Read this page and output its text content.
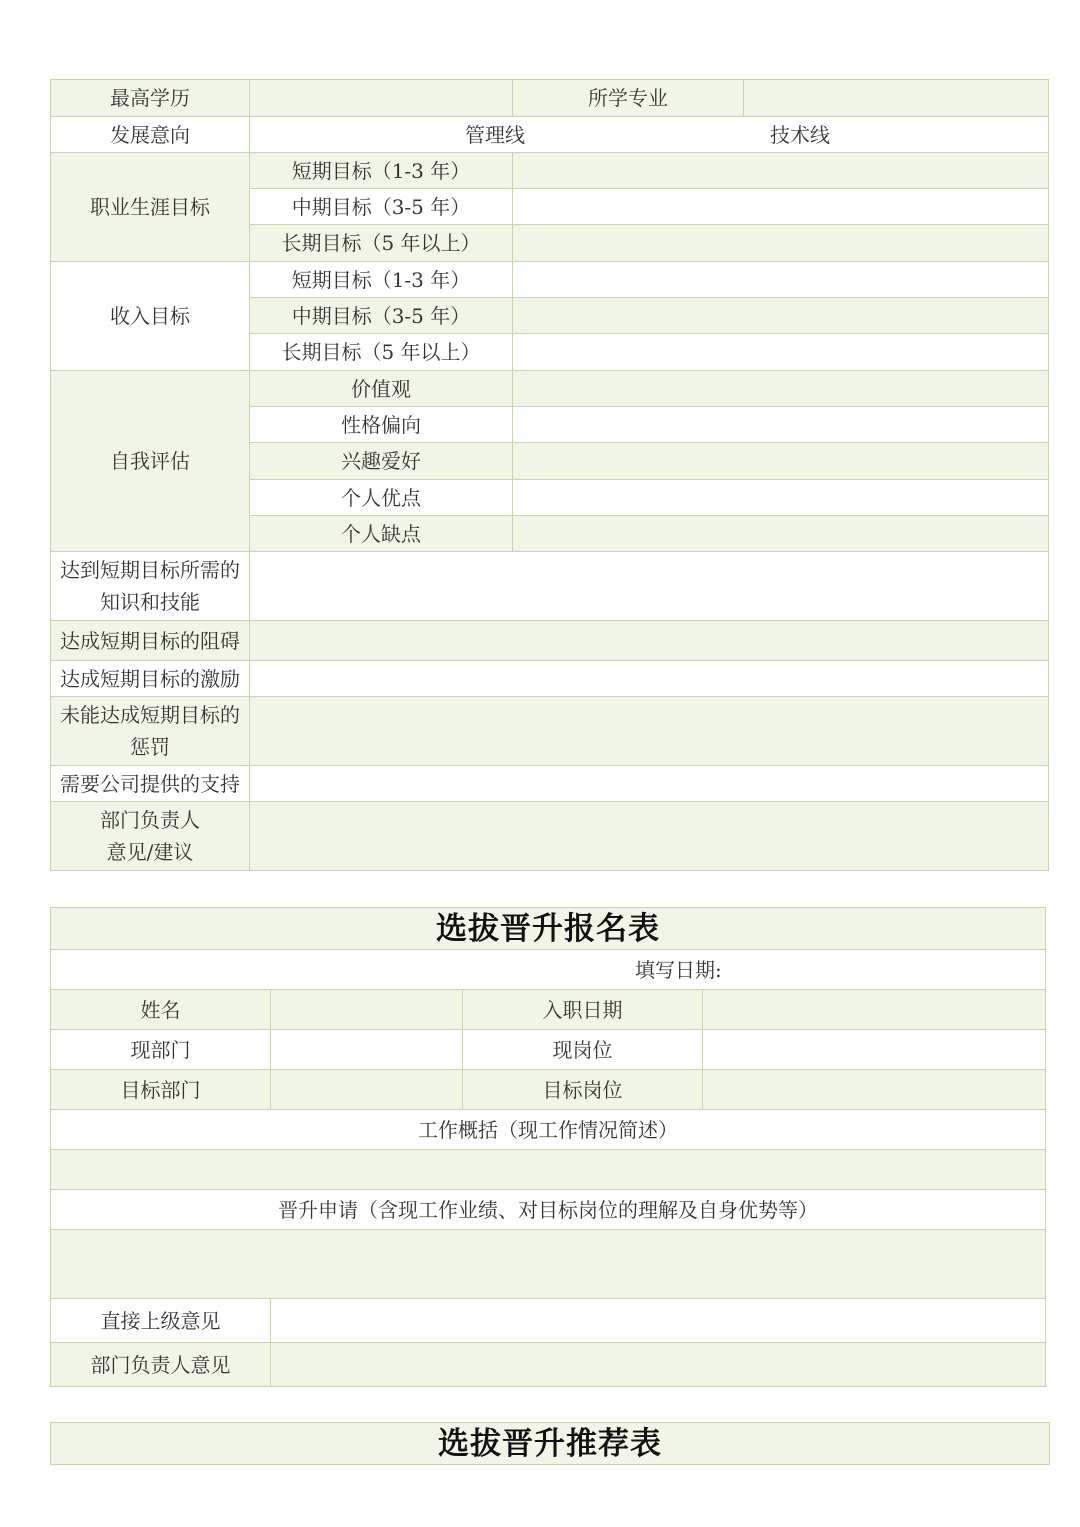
最高学历		所学专业	
发展意向	管理线 技术线		
职业生涯目标	短期目标（1-3 年）		
	中期目标（3-5 年）		
	长期目标（5 年以上）		
收入目标	短期目标（1-3 年）		
	中期目标（3-5 年）		
	长期目标（5 年以上）		
自我评估	价值观		
	性格偏向		
	兴趣爱好		
	个人优点		
	个人缺点		
达到短期目标所需的
知识和技能			
达成短期目标的阻碍			
达成短期目标的激励			
未能达成短期目标的
惩罚			
需要公司提供的支持			
部门负责人
意见/建议			
选拔晋升报名表			
填写日期:			
姓名		入职日期	
现部门		现岗位	
目标部门		目标岗位	
工作概括（现工作情况简述）			

晋升申请（含现工作业绩、对目标岗位的理解及自身优势等）			

直接上级意见			
部门负责人意见			
选拔晋升推荐表
